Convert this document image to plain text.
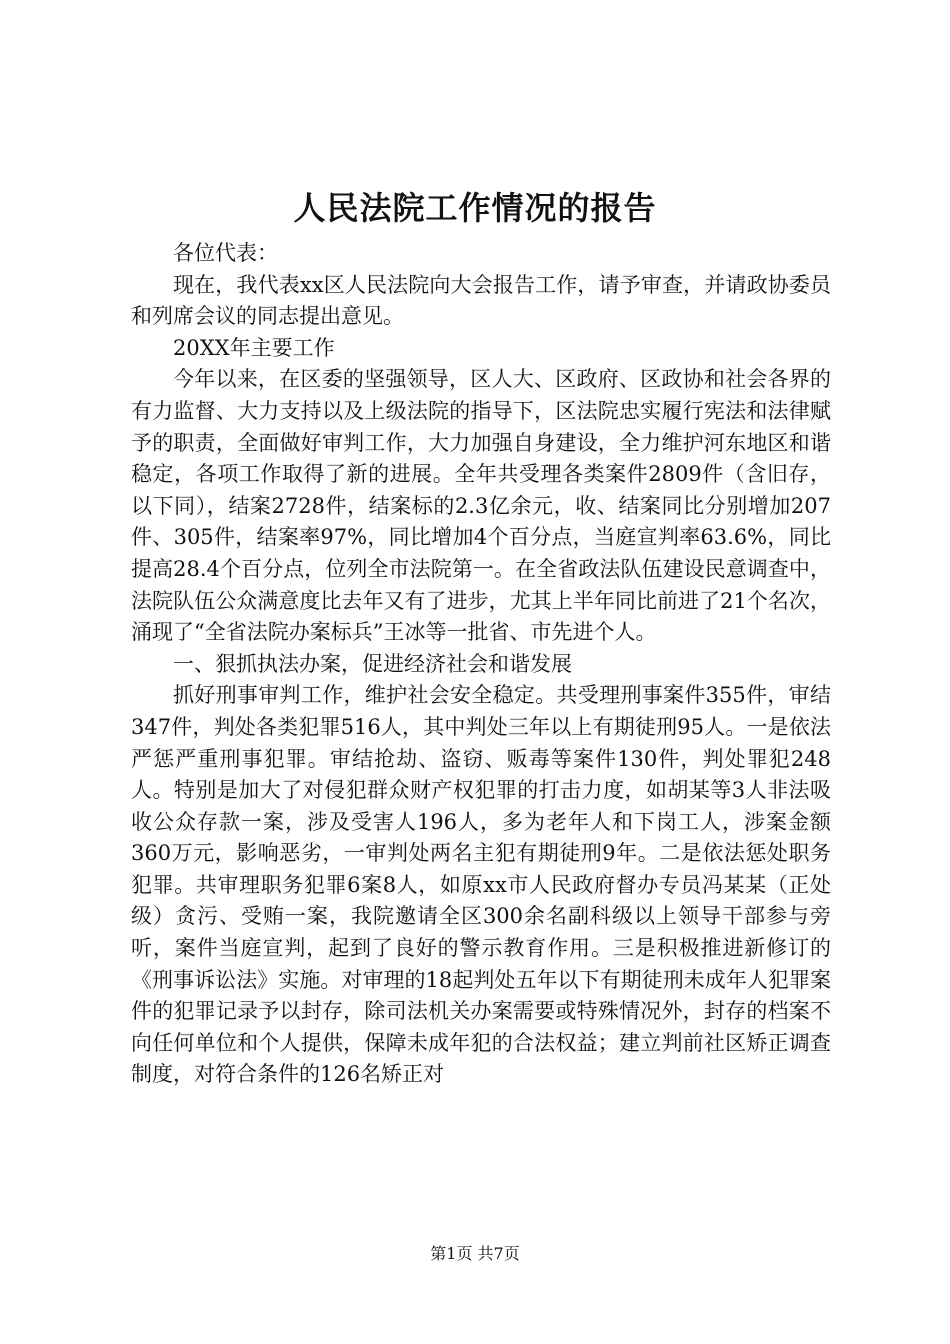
人民法院工作情况的报告

各位代表：

现在，我代表xx区人民法院向大会报告工作，请予审查，并请政协委员和列席会议的同志提出意见。

20XX年主要工作

今年以来，在区委的坚强领导，区人大、区政府、区政协和社会各界的有力监督、大力支持以及上级法院的指导下，区法院忠实履行宪法和法律赋予的职责，全面做好审判工作，大力加强自身建设，全力维护河东地区和谐稳定，各项工作取得了新的进展。全年共受理各类案件2809件（含旧存，以下同），结案2728件，结案标的2.3亿余元，收、结案同比分别增加207件、305件，结案率97%，同比增加4个百分点，当庭宣判率63.6%，同比提高28.4个百分点，位列全市法院第一。在全省政法队伍建设民意调查中，法院队伍公众满意度比去年又有了进步，尤其上半年同比前进了21个名次，涌现了“全省法院办案标兵”王冰等一批省、市先进个人。

一、狠抓执法办案，促进经济社会和谐发展

抓好刑事审判工作，维护社会安全稳定。共受理刑事案件355件，审结347件，判处各类犯罪516人，其中判处三年以上有期徒刑95人。一是依法严惩严重刑事犯罪。审结抢劫、盗窃、贩毒等案件130件，判处罪犯248人。特别是加大了对侵犯群众财产权犯罪的打击力度，如胡某等3人非法吸收公众存款一案，涉及受害人196人，多为老年人和下岗工人，涉案金额360万元，影响恶劣，一审判处两名主犯有期徒刑9年。二是依法惩处职务犯罪。共审理职务犯罪6案8人，如原xx市人民政府督办专员冯某某（正处级）贪污、受贿一案，我院邀请全区300余名副科级以上领导干部参与旁听，案件当庭宣判，起到了良好的警示教育作用。三是积极推进新修订的《刑事诉讼法》实施。对审理的18起判处五年以下有期徒刑未成年人犯罪案件的犯罪记录予以封存，除司法机关办案需要或特殊情况外，封存的档案不向任何单位和个人提供，保障未成年犯的合法权益；建立判前社区矫正调查制度，对符合条件的126名矫正对

第1页 共7页
